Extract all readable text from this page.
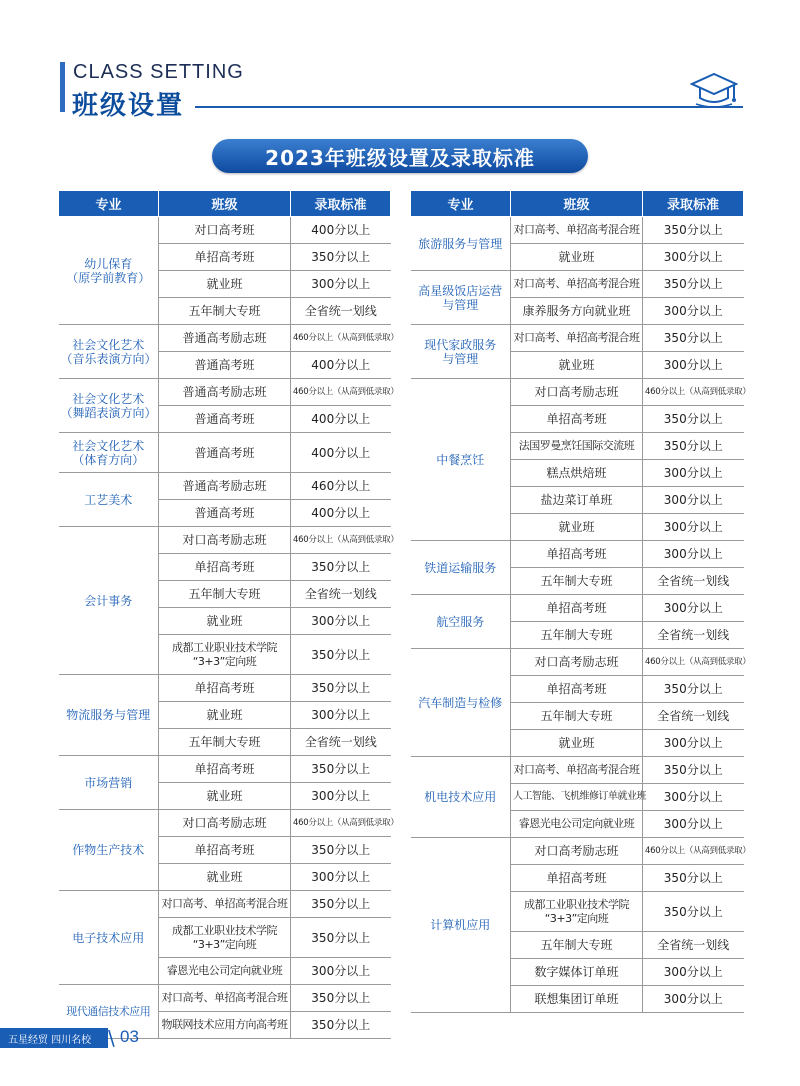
CLASS SETTING
班级设置
2023年班级设置及录取标准
专业	班级	录取标准
幼儿保育
（原学前教育）	对口高考班	400分以上
	单招高考班	350分以上
	就业班	300分以上
	五年制大专班	全省统一划线
社会文化艺术
（音乐表演方向）	普通高考励志班	460分以上（从高到低录取）
	普通高考班	400分以上
社会文化艺术
（舞蹈表演方向）	普通高考励志班	460分以上（从高到低录取）
	普通高考班	400分以上
社会文化艺术
（体育方向）	普通高考班	400分以上
工艺美术	普通高考励志班	460分以上
	普通高考班	400分以上
会计事务	对口高考励志班	460分以上（从高到低录取）
	单招高考班	350分以上
	五年制大专班	全省统一划线
	就业班	300分以上
	成都工业职业技术学院
“3+3”定向班	350分以上
物流服务与管理	单招高考班	350分以上
	就业班	300分以上
	五年制大专班	全省统一划线
市场营销	单招高考班	350分以上
	就业班	300分以上
作物生产技术	对口高考励志班	460分以上（从高到低录取）
	单招高考班	350分以上
	就业班	300分以上
电子技术应用	对口高考、单招高考混合班	350分以上
	成都工业职业技术学院
“3+3”定向班	350分以上
	睿恩光电公司定向就业班	300分以上
现代通信技术应用	对口高考、单招高考混合班	350分以上
	物联网技术应用方向高考班	350分以上
专业	班级	录取标准
旅游服务与管理	对口高考、单招高考混合班	350分以上
	就业班	300分以上
高星级饭店运营
与管理	对口高考、单招高考混合班	350分以上
	康养服务方向就业班	300分以上
现代家政服务
与管理	对口高考、单招高考混合班	350分以上
	就业班	300分以上
中餐烹饪	对口高考励志班	460分以上（从高到低录取）
	单招高考班	350分以上
	法国罗曼烹饪国际交流班	350分以上
	糕点烘焙班	300分以上
	盐边菜订单班	300分以上
	就业班	300分以上
铁道运输服务	单招高考班	300分以上
	五年制大专班	全省统一划线
航空服务	单招高考班	300分以上
	五年制大专班	全省统一划线
汽车制造与检修	对口高考励志班	460分以上（从高到低录取）
	单招高考班	350分以上
	五年制大专班	全省统一划线
	就业班	300分以上
机电技术应用	对口高考、单招高考混合班	350分以上
	人工智能、飞机维修订单就业班	300分以上
	睿恩光电公司定向就业班	300分以上
计算机应用	对口高考励志班	460分以上（从高到低录取）
	单招高考班	350分以上
	成都工业职业技术学院
“3+3”定向班	350分以上
	五年制大专班	全省统一划线
	数字媒体订单班	300分以上
	联想集团订单班	300分以上
五星经贸 四川名校 \ 03
